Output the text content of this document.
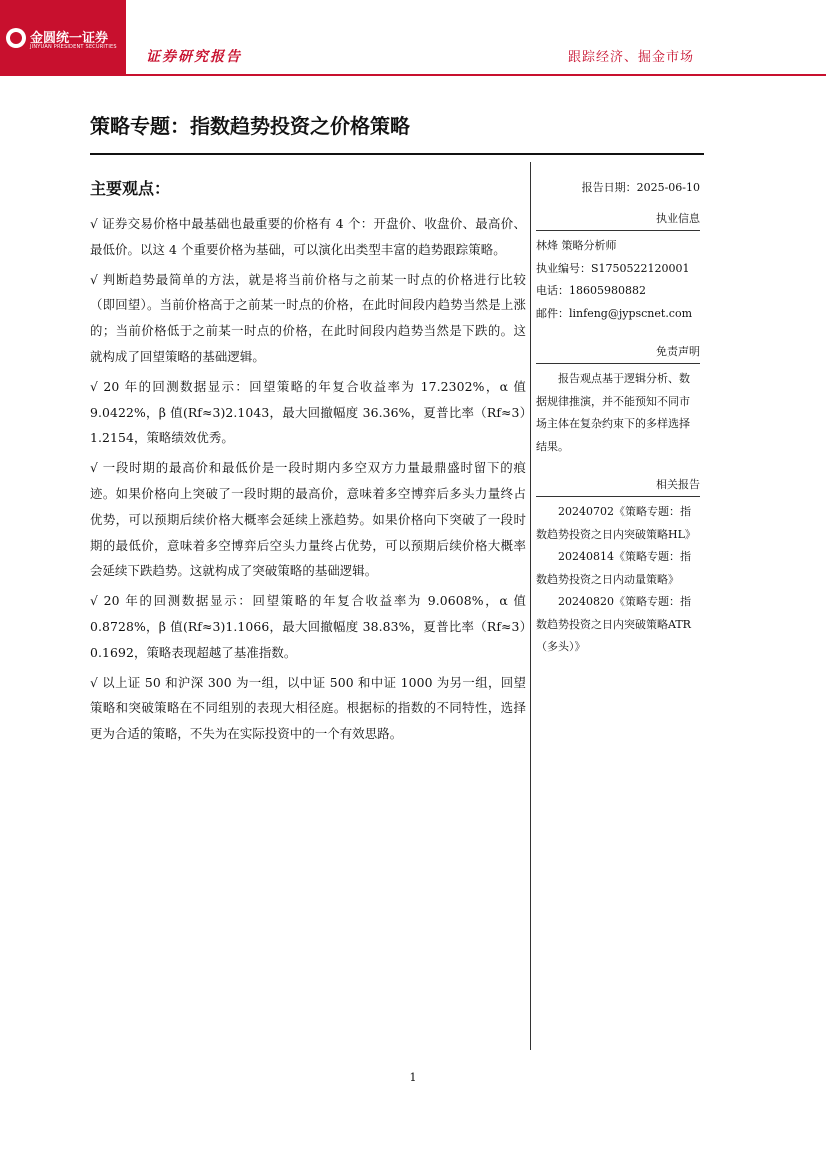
金圆统一证券
JINYUAN PRESIDENT SECURITIES
证券研究报告	跟踪经济、掘金市场
策略专题：指数趋势投资之价格策略
主要观点：

√ 证券交易价格中最基础也最重要的价格有 4 个：开盘价、收盘价、最高价、最低价。以这 4 个重要价格为基础，可以演化出类型丰富的趋势跟踪策略。

√ 判断趋势最简单的方法，就是将当前价格与之前某一时点的价格进行比较（即回望）。当前价格高于之前某一时点的价格，在此时间段内趋势当然是上涨的；当前价格低于之前某一时点的价格，在此时间段内趋势当然是下跌的。这就构成了回望策略的基础逻辑。

√ 20 年的回测数据显示：回望策略的年复合收益率为 17.2302%，α 值 9.0422%，β 值(Rf≈3)2.1043，最大回撤幅度 36.36%，夏普比率（Rf≈3）1.2154，策略绩效优秀。

√ 一段时期的最高价和最低价是一段时期内多空双方力量最鼎盛时留下的痕迹。如果价格向上突破了一段时期的最高价，意味着多空博弈后多头力量终占优势，可以预期后续价格大概率会延续上涨趋势。如果价格向下突破了一段时期的最低价，意味着多空博弈后空头力量终占优势，可以预期后续价格大概率会延续下跌趋势。这就构成了突破策略的基础逻辑。

√ 20 年的回测数据显示：回望策略的年复合收益率为 9.0608%，α 值 0.8728%，β 值(Rf≈3)1.1066，最大回撤幅度 38.83%，夏普比率（Rf≈3）0.1692，策略表现超越了基准指数。

√ 以上证 50 和沪深 300 为一组，以中证 500 和中证 1000 为另一组，回望策略和突破策略在不同组别的表现大相径庭。根据标的指数的不同特性，选择更为合适的策略，不失为在实际投资中的一个有效思路。

报告日期：2025-06-10
执业信息
林烽 策略分析师
执业编号：S1750522120001
电话：18605980882
邮件：linfeng@jypscnet.com
免责声明
报告观点基于逻辑分析、数据规律推演，并不能预知不同市场主体在复杂约束下的多样选择结果。
相关报告
20240702《策略专题：指数趋势投资之日内突破策略HL》
20240814《策略专题：指数趋势投资之日内动量策略》
20240820《策略专题：指数趋势投资之日内突破策略ATR（多头）》
1
